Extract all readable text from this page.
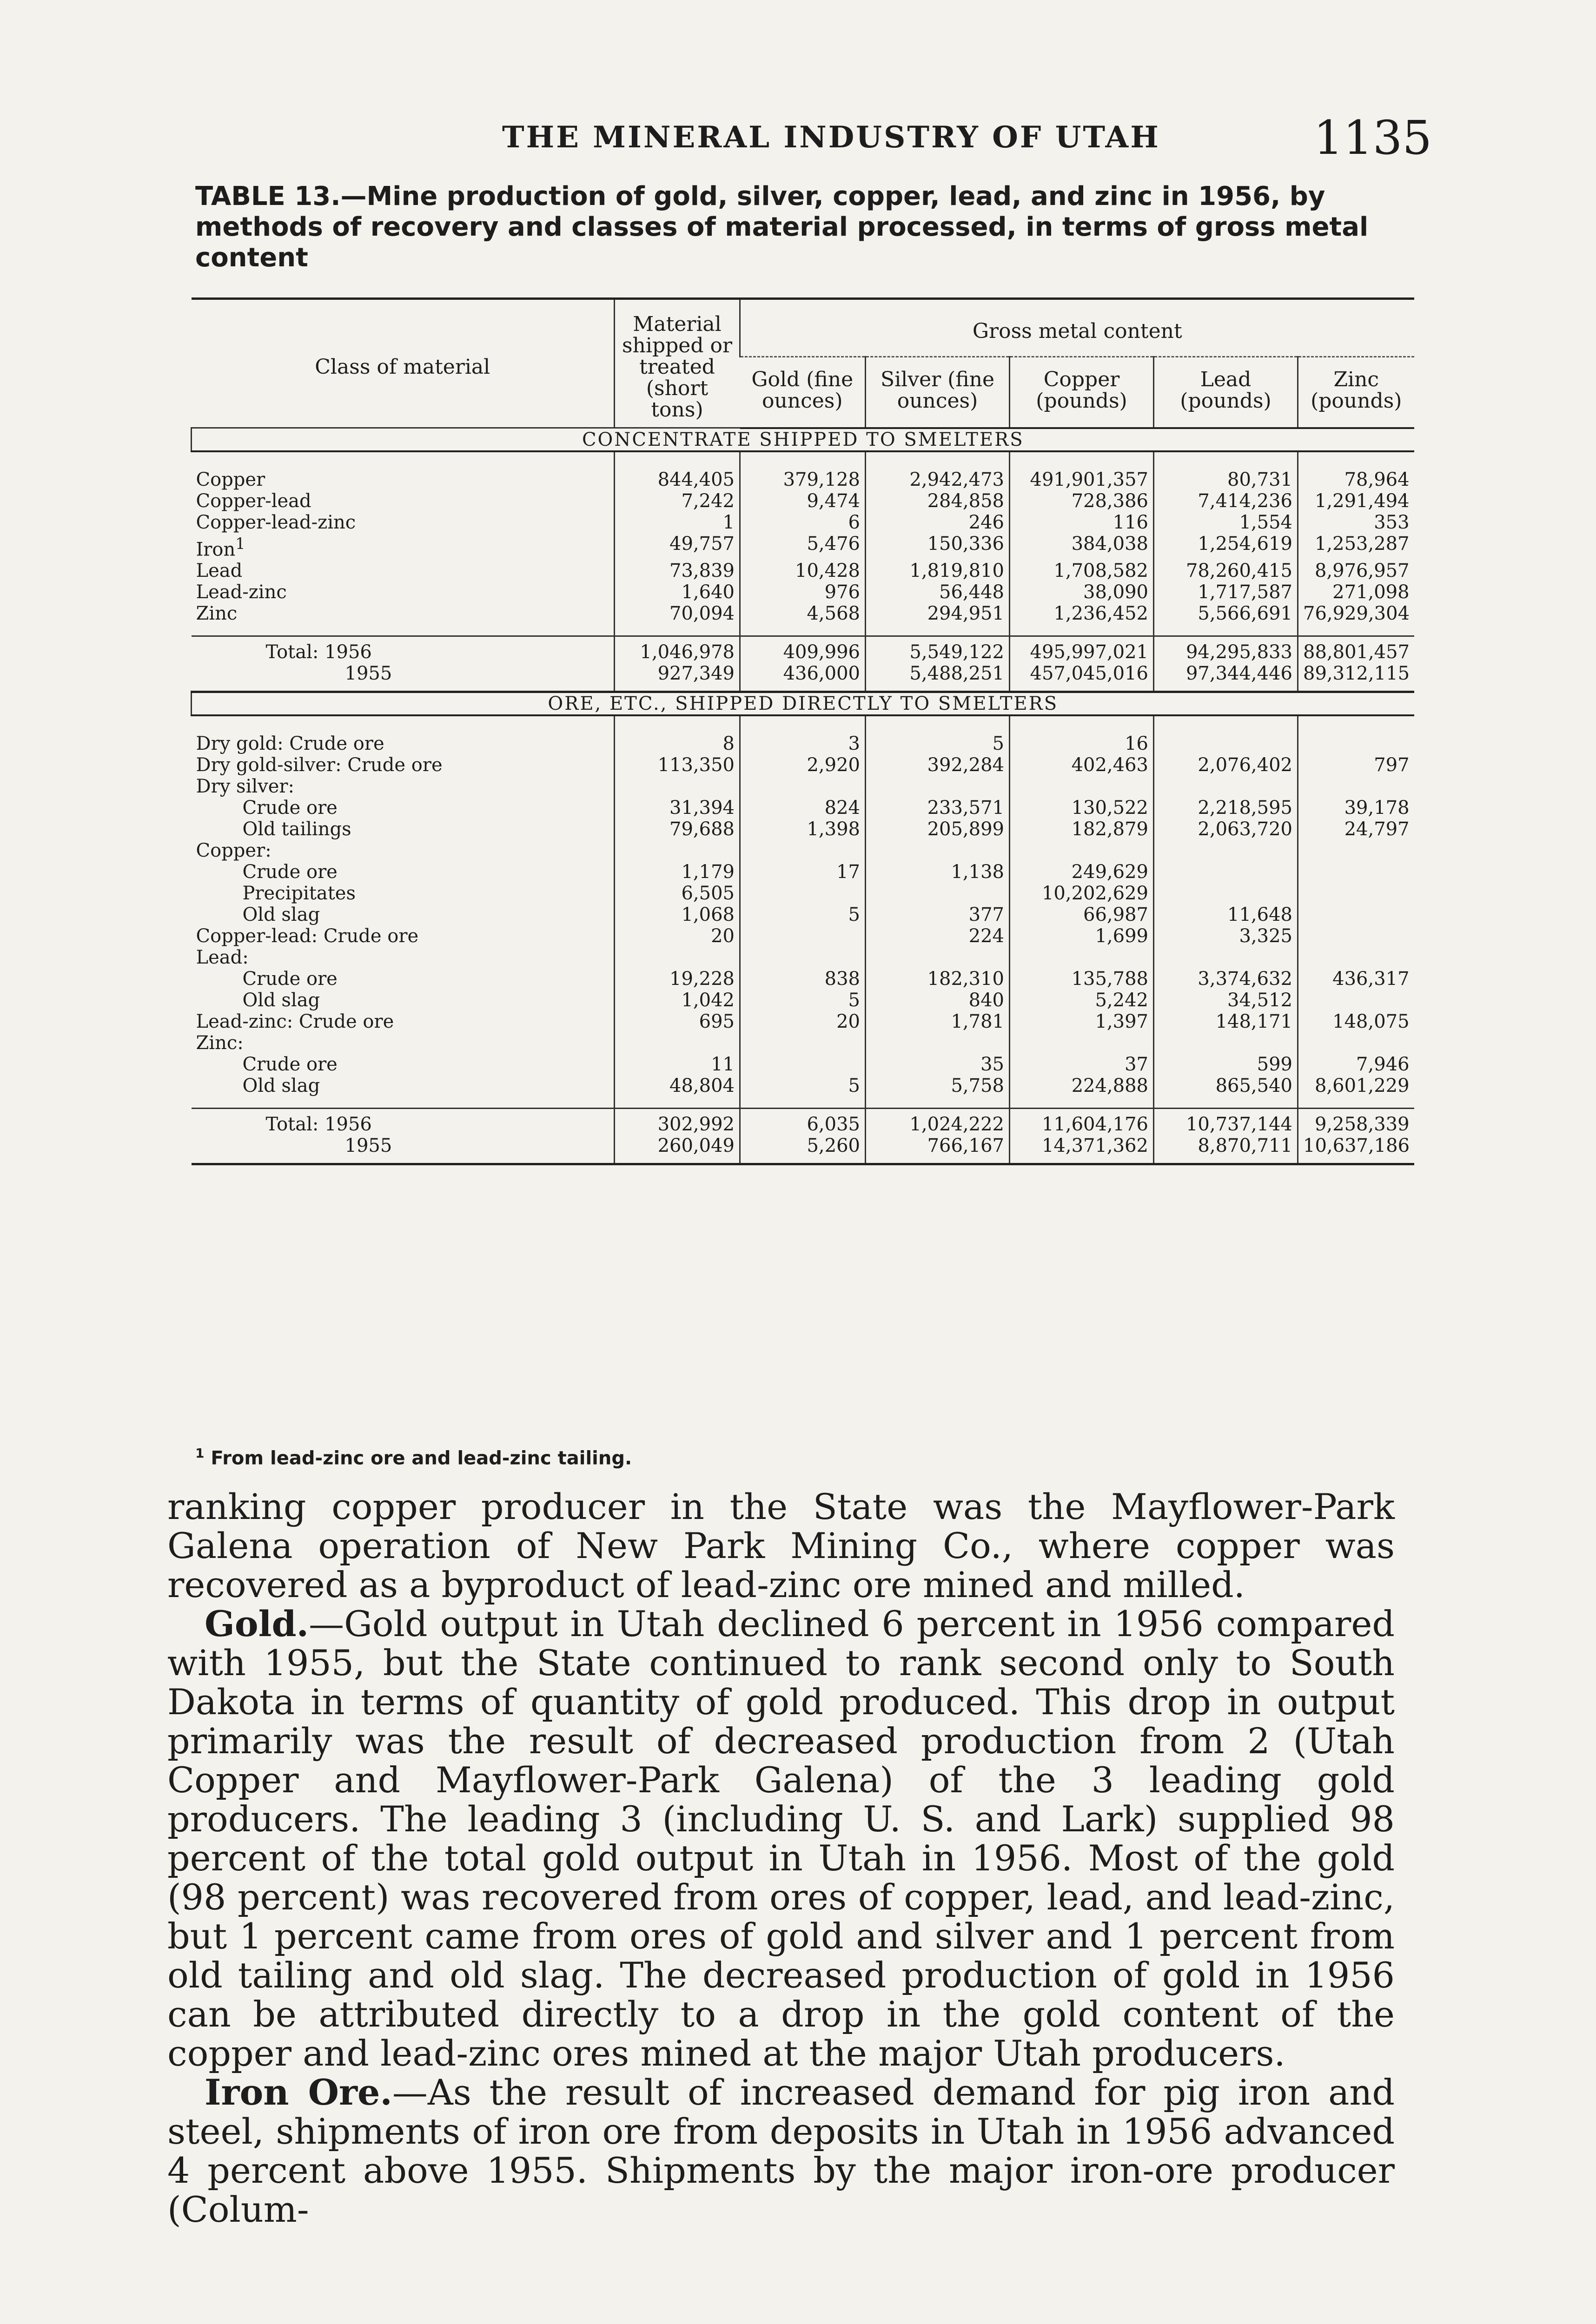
THE MINERAL INDUSTRY OF UTAH	1135
TABLE 13.—Mine production of gold, silver, copper, lead, and zinc in 1956, by methods of recovery and classes of material processed, in terms of gross metal content
Class of material	Material shipped or treated (short tons)	Gross metal content				
		Gold (fine ounces)	Silver (fine ounces)	Copper (pounds)	Lead (pounds)	Zinc (pounds)
CONCENTRATE SHIPPED TO SMELTERS						
Copper	844,405	379,128	2,942,473	491,901,357	80,731	78,964
Copper-lead	7,242	9,474	284,858	728,386	7,414,236	1,291,494
Copper-lead-zinc	1	6	246	116	1,554	353
Iron$^1$	49,757	5,476	150,336	384,038	1,254,619	1,253,287
Lead	73,839	10,428	1,819,810	1,708,582	78,260,415	8,976,957
Lead-zinc	1,640	976	56,448	38,090	1,717,587	271,098
Zinc	70,094	4,568	294,951	1,236,452	5,566,691	76,929,304
Total: 1956	1,046,978	409,996	5,549,122	495,997,021	94,295,833	88,801,457
1955	927,349	436,000	5,488,251	457,045,016	97,344,446	89,312,115
ORE, ETC., SHIPPED DIRECTLY TO SMELTERS						
Dry gold: Crude ore	8	3	5	16		
Dry gold-silver: Crude ore	113,350	2,920	392,284	402,463	2,076,402	797
Dry silver:						
Crude ore	31,394	824	233,571	130,522	2,218,595	39,178
Old tailings	79,688	1,398	205,899	182,879	2,063,720	24,797
Copper:						
Crude ore	1,179	17	1,138	249,629		
Precipitates	6,505			10,202,629		
Old slag	1,068	5	377	66,987	11,648	
Copper-lead: Crude ore	20		224	1,699	3,325	
Lead:						
Crude ore	19,228	838	182,310	135,788	3,374,632	436,317
Old slag	1,042	5	840	5,242	34,512	
Lead-zinc: Crude ore	695	20	1,781	1,397	148,171	148,075
Zinc:						
Crude ore	11		35	37	599	7,946
Old slag	48,804	5	5,758	224,888	865,540	8,601,229
Total: 1956	302,992	6,035	1,024,222	11,604,176	10,737,144	9,258,339
1955	260,049	5,260	766,167	14,371,362	8,870,711	10,637,186
$^1$ From lead-zinc ore and lead-zinc tailing.

ranking copper producer in the State was the Mayflower-Park Galena operation of New Park Mining Co., where copper was recovered as a byproduct of lead-zinc ore mined and milled.

Gold.—Gold output in Utah declined 6 percent in 1956 compared with 1955, but the State continued to rank second only to South Dakota in terms of quantity of gold produced. This drop in output primarily was the result of decreased production from 2 (Utah Copper and Mayflower-Park Galena) of the 3 leading gold producers. The leading 3 (including U. S. and Lark) supplied 98 percent of the total gold output in Utah in 1956. Most of the gold (98 percent) was recovered from ores of copper, lead, and lead-zinc, but 1 percent came from ores of gold and silver and 1 percent from old tailing and old slag. The decreased production of gold in 1956 can be attributed directly to a drop in the gold content of the copper and lead-zinc ores mined at the major Utah producers.

Iron Ore.—As the result of increased demand for pig iron and steel, shipments of iron ore from deposits in Utah in 1956 advanced 4 percent above 1955. Shipments by the major iron-ore producer (Colum-
